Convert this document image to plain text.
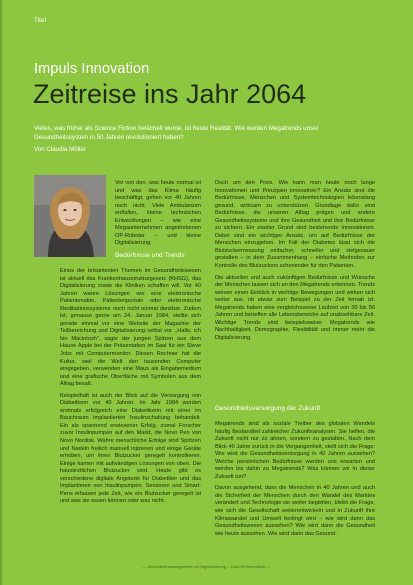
Titel
Impuls Innovation
Zeitreise ins Jahr 2064
Vieles, was früher als Science Fiction belächelt wurde, ist heute Realität. Wie werden Megatrends unser Gesundheitssystem in 50 Jahren revolutioniert haben?
Von Claudia Möller

Vor von den, was heute normal ist und was das Klima häufig beschäftigt, gehen vor 40 Jahren noch nicht. Viele Ambulanzen entfallen, kleine technischen Entwicklungen – wie eine Megaunternehmen angetriebenen OP-Roboter – und kleine Digitalisierung.

Bedürfnisse und Trends

Eines der brisantesten Themen im Gesundheitswesen ist aktuell das Krankenhausstrukturgesetz (KHSG), das Digitalisierung sowie die Kliniken schaffen will. Vor 40 Jahren waren Lösungen wie eine elektronische Patientenakte, Patientenportale oder elektronische Medikationssysteme noch nicht einmal denkbar. Zudem ist, genauso gerne am 24. Januar 1984, stellte sich gerade einmal vor eine Website der Magazine der Teilbereichung und Digitalisierung selbst vor. „Hallo, ich bin Macintosh", sagte der jungen Spitzen aus dem Hause Apple bei der Präsentation im Saal für ein Steve Jobs mit Computermonitor. Diesen Rechner hat die Kultur, weil die Welt den tausenden Computer eingegeben, verwenden eine Maus als Eingabemedium und eine grafische Oberfläche mit Symbolen aus dem Alltag besaß.

Beispielhaft ist auch der Blick auf die Versorgung von Diabetikern vor 40 Jahren. Im Jahr 1984 wurden erstmals erfolgreich eine Diabetikerin mit einer im Bauchraum implantierten Insulinschaltung behandelt. Ein als spannend erwiesener Erfolg, zumal Forscher zuvor Insulinpumpen auf den Markt, die Novo Pen von Novo Nordisk. Wahre menschliche Erfolge sind Spritzen und Nadeln freilich manuell injizieren und einige Geräte erhoben, um ihren Blutzucker geregelt kontrollieren. Einige kamen mit aufwändigen Lösungen von oben. Die hausärztlichen Blutzucker wird. Heute gibt es verschiedene digitale Angebote für Diabetiker und das Implantieren von Insulinpumpen. Sensoren und Smart-Pens erfassen jede Zeit, wie ein Blutzucker geregelt ist und was sie essen können oder was nicht.

Doch um den Preis. Wie kann man heute noch lange Innovationen und Prinzipien innovativer? Ein Ansatz sind die Bedürfnisse, Menschen und Systemtechnologien lebenslang gesund, wirksam zu unterstützen. Grundlage dafür sind Bedürfnisse, die unseren Alltag prägen und andere Gesundheitssysteme und ihre Gesundheit und ihre Bedürfnisse zu sichern. Ein zweiter Grund sind bestehende Innovationen. Dabei sind ein wichtiger Ansatz, um auf Bedürfnisse der Menschen einzugehen. Im Fall der Diabetes lässt sich die Blutzuckermessung einfacher, schneller und zielgenauer gestalten – in dem Zusammenhang – einfache Methoden zur Kontrolle des Blutzuckers schonender für den Patienten.

Die aktuellen und auch zukünftigen Bedürfnisse und Wünsche der Menschen lassen sich an den Megatrends erkennen. Trends weisen einen Einblick in wichtige Bewegungen und wirken sich weiter aus, ob etwas zum Beispiel zu der Zeit fernab ist. Megatrends haben eine vergleichsweise Laufzeit von 30 bis 50 Jahren und betreffen alle Lebensbereiche auf unabsehbare Zeit. Wichtige Trends sind beispielsweise: Megatrends wie Nachhaltigkeit, Demographie, Flexibilität und immer mehr die Digitalisierung.

Gesundheitsversorgung der Zukunft

Megatrends sind als soziale Treiber des globalen Wandels häufig Bestandteil zahlreicher Zukunftsanalysen. Sie helfen, die Zukunft nicht nur zu ahnen, sondern zu gestalten. Nach dem Blick 40 Jahre zurück in die Vergangenheit, stellt sich die Frage: Wie wird die Gesundheitsversorgung in 40 Jahren aussehen? Welche persönlichen Bedürfnisse werden uns erwarten und werden bis dahin zu Megatrends? Was können wir in dieser Zukunft tun?

Davon ausgehend, dass die Menschen in 40 Jahren und auch die Sicherheit der Menschen durch den Wandel des Marktes verändert und Technologie sie weiter begleiten, bleibt die Frage, wie sich die Gesellschaft weiterentwickeln und in Zukunft ihre Klimawandel und Umwelt bedingt wird – wie wird dann das Gesundheitswesen aussehen? Wie wird dann die Gesundheit wie heute aussehen. Wie wird dann das Gesund-

— Gesundheitsmanagement mit Digitalisierung – Zukunft Gesundheit —
